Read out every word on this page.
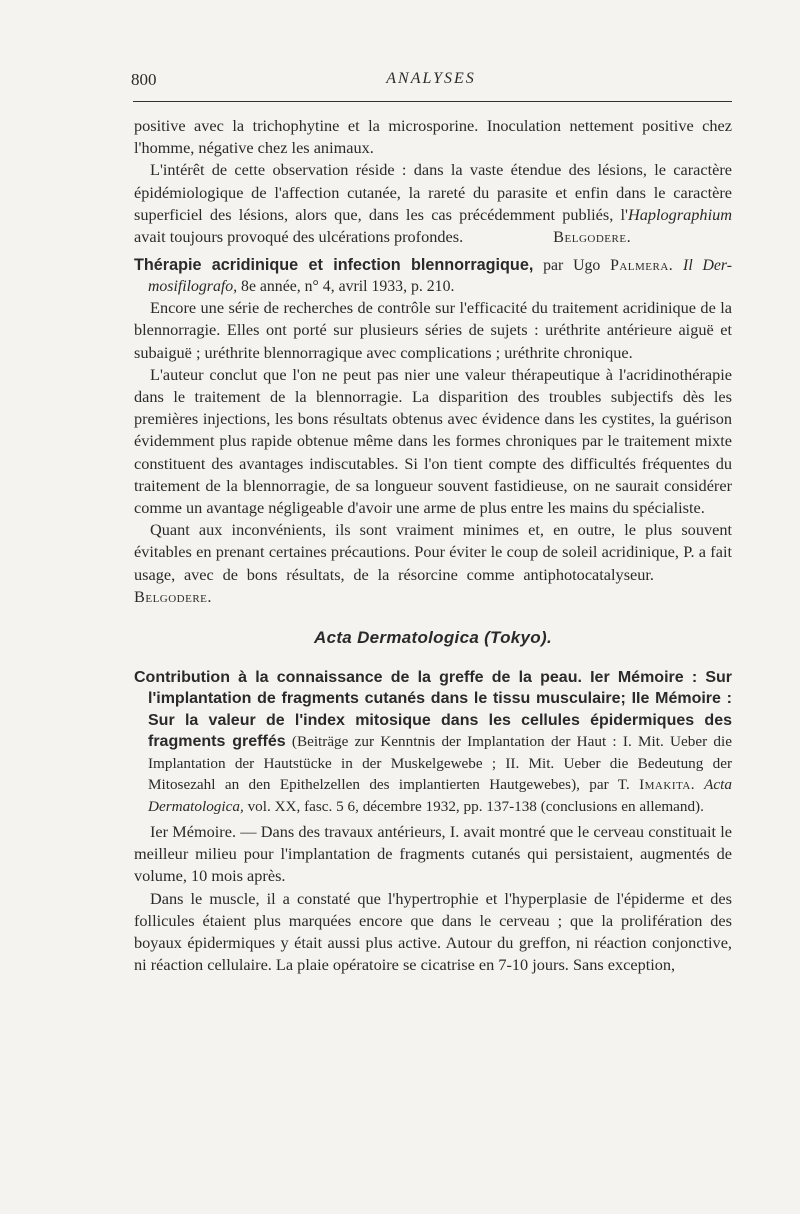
800	ANALYSES

positive avec la trichophytine et la microsporine. Inoculation nettement positive chez l'homme, négative chez les animaux.

L'intérêt de cette observation réside : dans la vaste étendue des lésions, le caractère épidémiologique de l'affection cutanée, la rareté du parasite et enfin dans le caractère superficiel des lésions, alors que, dans les cas précédemment publiés, l'Haplographium avait toujours provoqué des ulcérations profondes.	Belgodere.

Thérapie acridinique et infection blennorragique, par Ugo Palmera. Il Der-mosifilografo, 8e année, n° 4, avril 1933, p. 210.

Encore une série de recherches de contrôle sur l'efficacité du traitement acridinique de la blennorragie. Elles ont porté sur plusieurs séries de sujets : uréthrite antérieure aiguë et subaiguë ; uréthrite blennorragique avec complications ; uréthrite chronique.

L'auteur conclut que l'on ne peut pas nier une valeur thérapeutique à l'acridinothérapie dans le traitement de la blennorragie. La disparition des troubles subjectifs dès les premières injections, les bons résultats obtenus avec évidence dans les cystites, la guérison évidemment plus rapide obtenue même dans les formes chroniques par le traitement mixte constituent des avantages indiscutables. Si l'on tient compte des difficultés fréquentes du traitement de la blennorragie, de sa longueur souvent fastidieuse, on ne saurait considérer comme un avantage négligeable d'avoir une arme de plus entre les mains du spécialiste.

Quant aux inconvénients, ils sont vraiment minimes et, en outre, le plus souvent évitables en prenant certaines précautions. Pour éviter le coup de soleil acridinique, P. a fait usage, avec de bons résultats, de la résorcine comme antiphotocatalyseur.Belgodere.

Acta Dermatologica (Tokyo).

Contribution à la connaissance de la greffe de la peau. Ier Mémoire : Sur l'implantation de fragments cutanés dans le tissu musculaire; IIe Mémoire : Sur la valeur de l'index mitosique dans les cellules épidermiques des fragments greffés (Beiträge zur Kenntnis der Implantation der Haut : I. Mit. Ueber die Implantation der Hautstücke in der Muskelgewebe ; II. Mit. Ueber die Bedeutung der Mitosezahl an den Epithelzellen des implantierten Hautgewebes), par T. Imakita. Acta Dermatologica, vol. XX, fasc. 5 6, décembre 1932, pp. 137-138 (conclusions en allemand).

Ier Mémoire. — Dans des travaux antérieurs, I. avait montré que le cerveau constituait le meilleur milieu pour l'implantation de fragments cutanés qui persistaient, augmentés de volume, 10 mois après.

Dans le muscle, il a constaté que l'hypertrophie et l'hyperplasie de l'épiderme et des follicules étaient plus marquées encore que dans le cerveau ; que la prolifération des boyaux épidermiques y était aussi plus active. Autour du greffon, ni réaction conjonctive, ni réaction cellulaire. La plaie opératoire se cicatrise en 7-10 jours. Sans exception,
